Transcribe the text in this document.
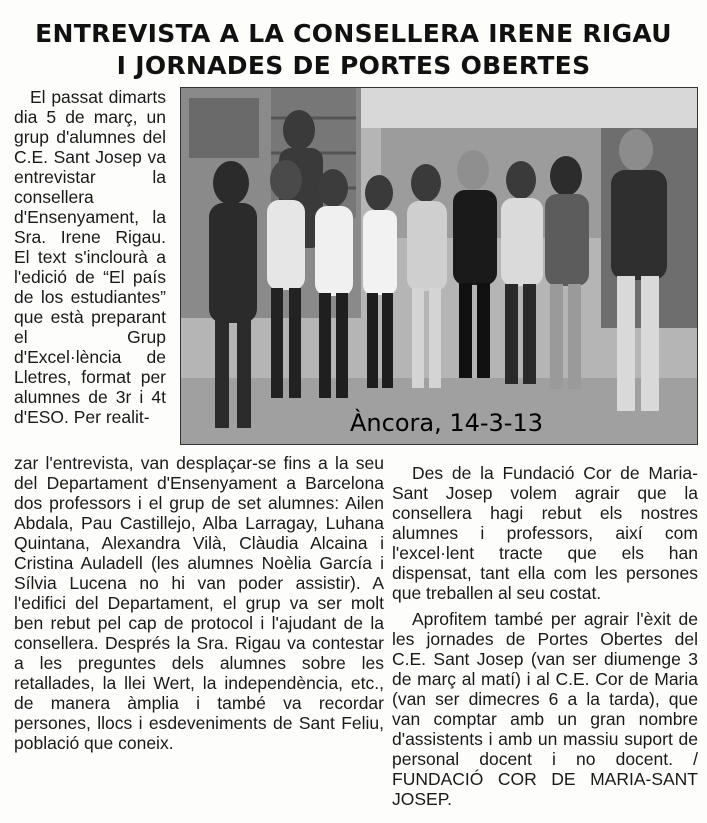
ENTREVISTA A LA CONSELLERA IRENE RIGAU
I JORNADES DE PORTES OBERTES

El passat dimarts dia 5 de març, un grup d'alumnes del C.E. Sant Josep va entrevistar la consellera d'Ensenyament, la Sra. Irene Rigau. El text s'inclourà a l'edició de “El país de los estudiantes” que està preparant el Grup d'Excel·lència de Lletres, format per alumnes de 3r i 4t d'ESO. Per realit-	Àncora, 14-3-13

zar l'entrevista, van desplaçar-se fins a la seu del Departament d'Ensenyament a Barcelona dos professors i el grup de set alumnes: Ailen Abdala, Pau Castillejo, Alba Larragay, Luhana Quintana, Alexandra Vilà, Clàudia Alcaina i Cristina Auladell (les alumnes Noèlia García i Sílvia Lucena no hi van poder assistir). A l'edifici del Departament, el grup va ser molt ben rebut pel cap de protocol i l'ajudant de la consellera. Després la Sra. Rigau va contestar a les preguntes dels alumnes sobre les retallades, la llei Wert, la independència, etc., de manera àmplia i també va recordar persones, llocs i esdeveniments de Sant Feliu, població que coneix.

Des de la Fundació Cor de Maria-Sant Josep volem agrair que la consellera hagi rebut els nostres alumnes i professors, així com l'excel·lent tracte que els han dispensat, tant ella com les persones que treballen al seu costat.

Aprofitem també per agrair l'èxit de les jornades de Portes Obertes del C.E. Sant Josep (van ser diumenge 3 de març al matí) i al C.E. Cor de Maria (van ser dimecres 6 a la tarda), que van comptar amb un gran nombre d'assistents i amb un massiu suport de personal docent i no docent. / FUNDACIÓ COR DE MARIA-SANT JOSEP.
